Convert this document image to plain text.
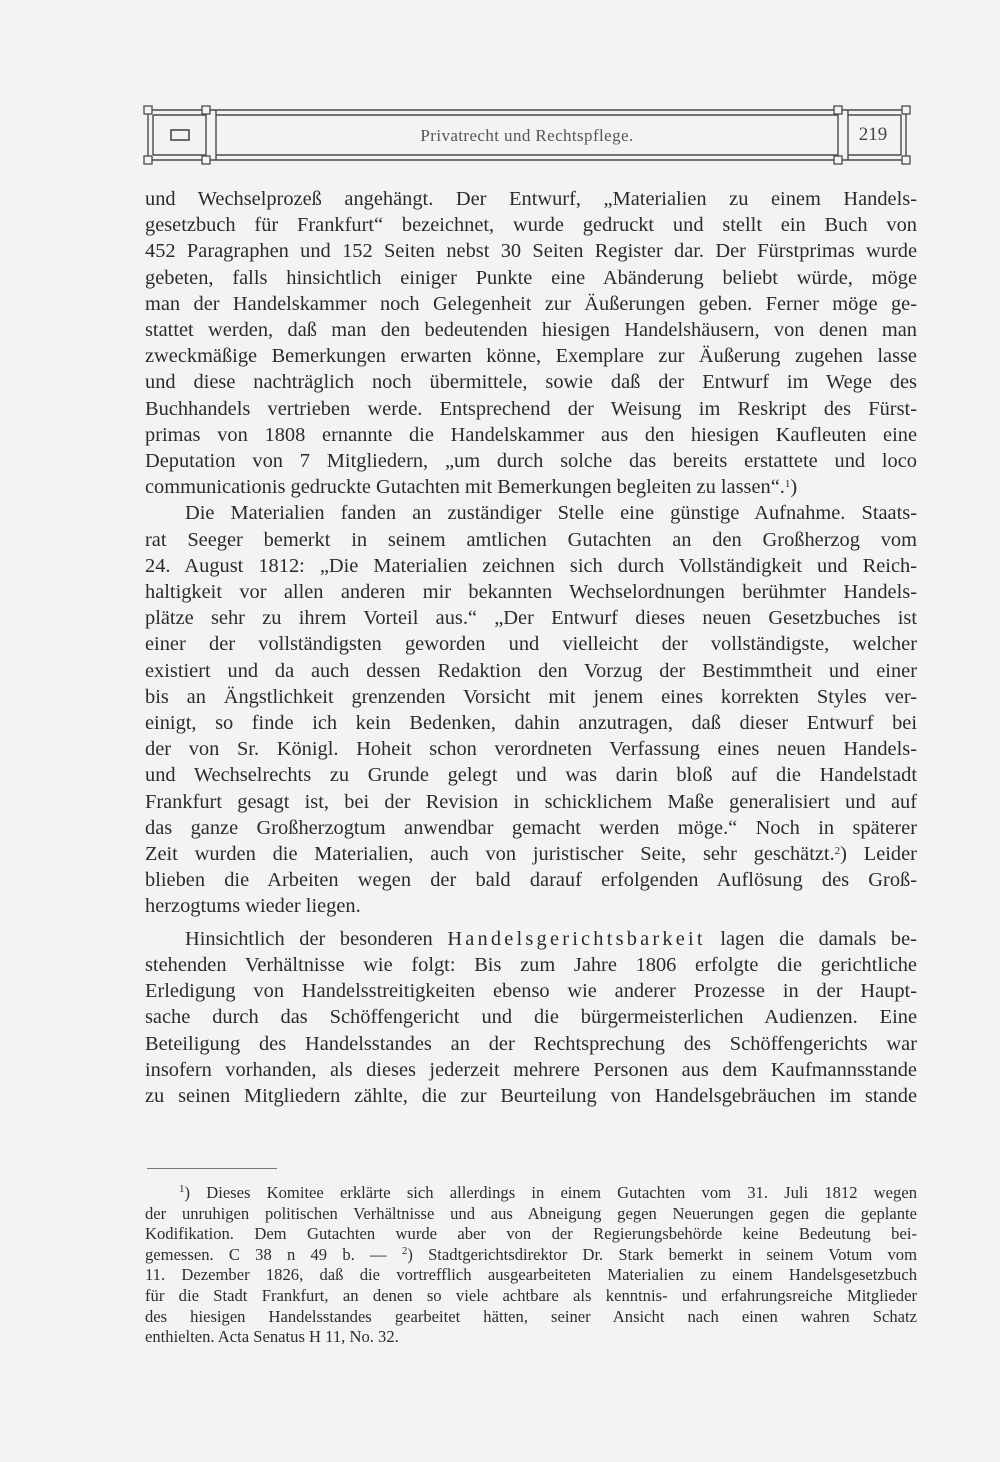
Privatrecht und Rechtspflege.	219
und Wechselprozeß angehängt. Der Entwurf, „Materialien zu einem Handels-
gesetzbuch für Frankfurt“ bezeichnet, wurde gedruckt und stellt ein Buch von
452 Paragraphen und 152 Seiten nebst 30 Seiten Register dar. Der Fürstprimas wurde
gebeten, falls hinsichtlich einiger Punkte eine Abänderung beliebt würde, möge
man der Handelskammer noch Gelegenheit zur Äußerungen geben. Ferner möge ge-
stattet werden, daß man den bedeutenden hiesigen Handelshäusern, von denen man
zweckmäßige Bemerkungen erwarten könne, Exemplare zur Äußerung zugehen lasse
und diese nachträglich noch übermittele, sowie daß der Entwurf im Wege des
Buchhandels vertrieben werde. Entsprechend der Weisung im Reskript des Fürst-
primas von 1808 ernannte die Handelskammer aus den hiesigen Kaufleuten eine
Deputation von 7 Mitgliedern, „um durch solche das bereits erstattete und loco
communicationis gedruckte Gutachten mit Bemerkungen begleiten zu lassen“.$^1$)
Die Materialien fanden an zuständiger Stelle eine günstige Aufnahme. Staats-
rat Seeger bemerkt in seinem amtlichen Gutachten an den Großherzog vom
24. August 1812: „Die Materialien zeichnen sich durch Vollständigkeit und Reich-
haltigkeit vor allen anderen mir bekannten Wechselordnungen berühmter Handels-
plätze sehr zu ihrem Vorteil aus.“ „Der Entwurf dieses neuen Gesetzbuches ist
einer der vollständigsten geworden und vielleicht der vollständigste, welcher
existiert und da auch dessen Redaktion den Vorzug der Bestimmtheit und einer
bis an Ängstlichkeit grenzenden Vorsicht mit jenem eines korrekten Styles ver-
einigt, so finde ich kein Bedenken, dahin anzutragen, daß dieser Entwurf bei
der von Sr. Königl. Hoheit schon verordneten Verfassung eines neuen Handels-
und Wechselrechts zu Grunde gelegt und was darin bloß auf die Handelstadt
Frankfurt gesagt ist, bei der Revision in schicklichem Maße generalisiert und auf
das ganze Großherzogtum anwendbar gemacht werden möge.“ Noch in späterer
Zeit wurden die Materialien, auch von juristischer Seite, sehr geschätzt.$^2$) Leider
blieben die Arbeiten wegen der bald darauf erfolgenden Auflösung des Groß-
herzogtums wieder liegen.
Hinsichtlich der besonderen Handelsgerichtsbarkeit lagen die damals be-
stehenden Verhältnisse wie folgt: Bis zum Jahre 1806 erfolgte die gerichtliche
Erledigung von Handelsstreitigkeiten ebenso wie anderer Prozesse in der Haupt-
sache durch das Schöffengericht und die bürgermeisterlichen Audienzen. Eine
Beteiligung des Handelsstandes an der Rechtsprechung des Schöffengerichts war
insofern vorhanden, als dieses jederzeit mehrere Personen aus dem Kaufmannsstande
zu seinen Mitgliedern zählte, die zur Beurteilung von Handelsgebräuchen im stande
$^1$) Dieses Komitee erklärte sich allerdings in einem Gutachten vom 31. Juli 1812 wegen
der unruhigen politischen Verhältnisse und aus Abneigung gegen Neuerungen gegen die geplante
Kodifikation. Dem Gutachten wurde aber von der Regierungsbehörde keine Bedeutung bei-
gemessen. C 38 n 49 b. — $^2$) Stadtgerichtsdirektor Dr. Stark bemerkt in seinem Votum vom
11. Dezember 1826, daß die vortrefflich ausgearbeiteten Materialien zu einem Handelsgesetzbuch
für die Stadt Frankfurt, an denen so viele achtbare als kenntnis- und erfahrungsreiche Mitglieder
des hiesigen Handelsstandes gearbeitet hätten, seiner Ansicht nach einen wahren Schatz
enthielten. Acta Senatus H 11, No. 32.
